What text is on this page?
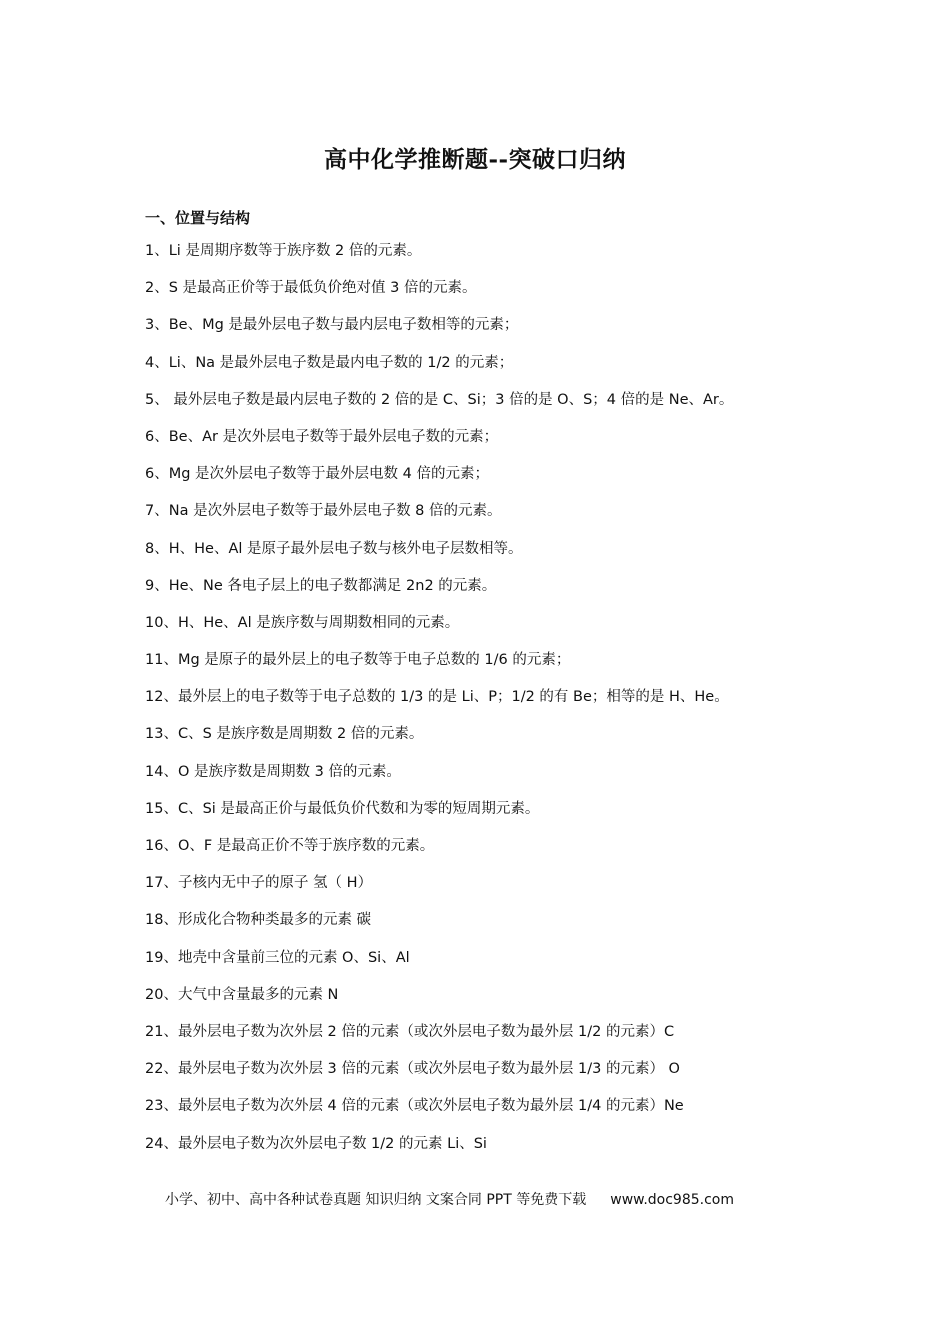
高中化学推断题--突破口归纳
一、位置与结构
1、Li 是周期序数等于族序数 2 倍的元素。
2、S 是最高正价等于最低负价绝对值 3 倍的元素。
3、Be、Mg 是最外层电子数与最内层电子数相等的元素；
4、Li、Na 是最外层电子数是最内电子数的 1/2 的元素；
5、 最外层电子数是最内层电子数的 2 倍的是 C、Si；3 倍的是 O、S；4 倍的是 Ne、Ar。
6、Be、Ar 是次外层电子数等于最外层电子数的元素；
6、Mg 是次外层电子数等于最外层电数 4 倍的元素；
7、Na 是次外层电子数等于最外层电子数 8 倍的元素。
8、H、He、Al 是原子最外层电子数与核外电子层数相等。
9、He、Ne 各电子层上的电子数都满足 2n2 的元素。
10、H、He、Al 是族序数与周期数相同的元素。
11、Mg 是原子的最外层上的电子数等于电子总数的 1/6 的元素；
12、最外层上的电子数等于电子总数的 1/3 的是 Li、P；1/2 的有 Be；相等的是 H、He。
13、C、S 是族序数是周期数 2 倍的元素。
14、O 是族序数是周期数 3 倍的元素。
15、C、Si 是最高正价与最低负价代数和为零的短周期元素。
16、O、F 是最高正价不等于族序数的元素。
17、子核内无中子的原子 氢（ H）
18、形成化合物种类最多的元素 碳
19、地壳中含量前三位的元素 O、Si、Al
20、大气中含量最多的元素 N
21、最外层电子数为次外层 2 倍的元素（或次外层电子数为最外层 1/2 的元素）C
22、最外层电子数为次外层 3 倍的元素（或次外层电子数为最外层 1/3 的元素） O
23、最外层电子数为次外层 4 倍的元素（或次外层电子数为最外层 1/4 的元素）Ne
24、最外层电子数为次外层电子数 1/2 的元素 Li、Si
小学、初中、高中各种试卷真题 知识归纳 文案合同 PPT 等免费下载 www.doc985.com
